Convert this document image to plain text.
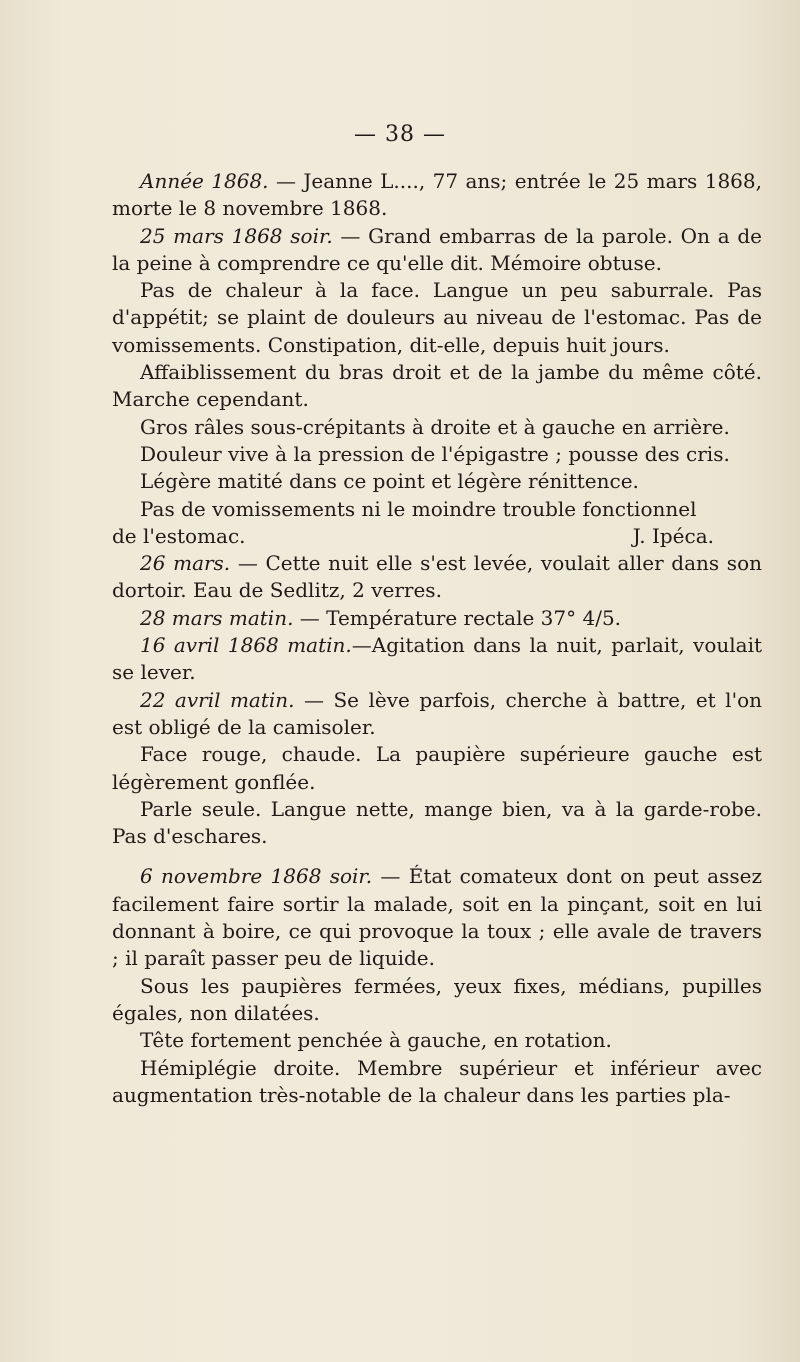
— 38 —

Année 1868. — Jeanne L...., 77 ans; entrée le 25 mars 1868, morte le 8 novembre 1868.

25 mars 1868 soir. — Grand embarras de la parole. On a de la peine à comprendre ce qu'elle dit. Mémoire obtuse.

Pas de chaleur à la face. Langue un peu saburrale. Pas d'appétit; se plaint de douleurs au niveau de l'estomac. Pas de vomissements. Constipation, dit-elle, depuis huit jours.

Affaiblissement du bras droit et de la jambe du même côté. Marche cependant.

Gros râles sous-crépitants à droite et à gauche en arrière.

Douleur vive à la pression de l'épigastre ; pousse des cris.

Légère matité dans ce point et légère rénittence.

Pas de vomissements ni le moindre trouble fonctionnel

de l'estomac.	J. Ipéca.

26 mars. — Cette nuit elle s'est levée, voulait aller dans son dortoir. Eau de Sedlitz, 2 verres.

28 mars matin. — Température rectale 37° 4/5.

16 avril 1868 matin.—Agitation dans la nuit, parlait, voulait se lever.

22 avril matin. — Se lève parfois, cherche à battre, et l'on est obligé de la camisoler.

Face rouge, chaude. La paupière supérieure gauche est légèrement gonflée.

Parle seule. Langue nette, mange bien, va à la garde-robe. Pas d'eschares.

6 novembre 1868 soir. — État comateux dont on peut assez facilement faire sortir la malade, soit en la pinçant, soit en lui donnant à boire, ce qui provoque la toux ; elle avale de travers ; il paraît passer peu de liquide.

Sous les paupières fermées, yeux fixes, médians, pupilles égales, non dilatées.

Tête fortement penchée à gauche, en rotation.

Hémiplégie droite. Membre supérieur et inférieur avec augmentation très-notable de la chaleur dans les parties pla-
